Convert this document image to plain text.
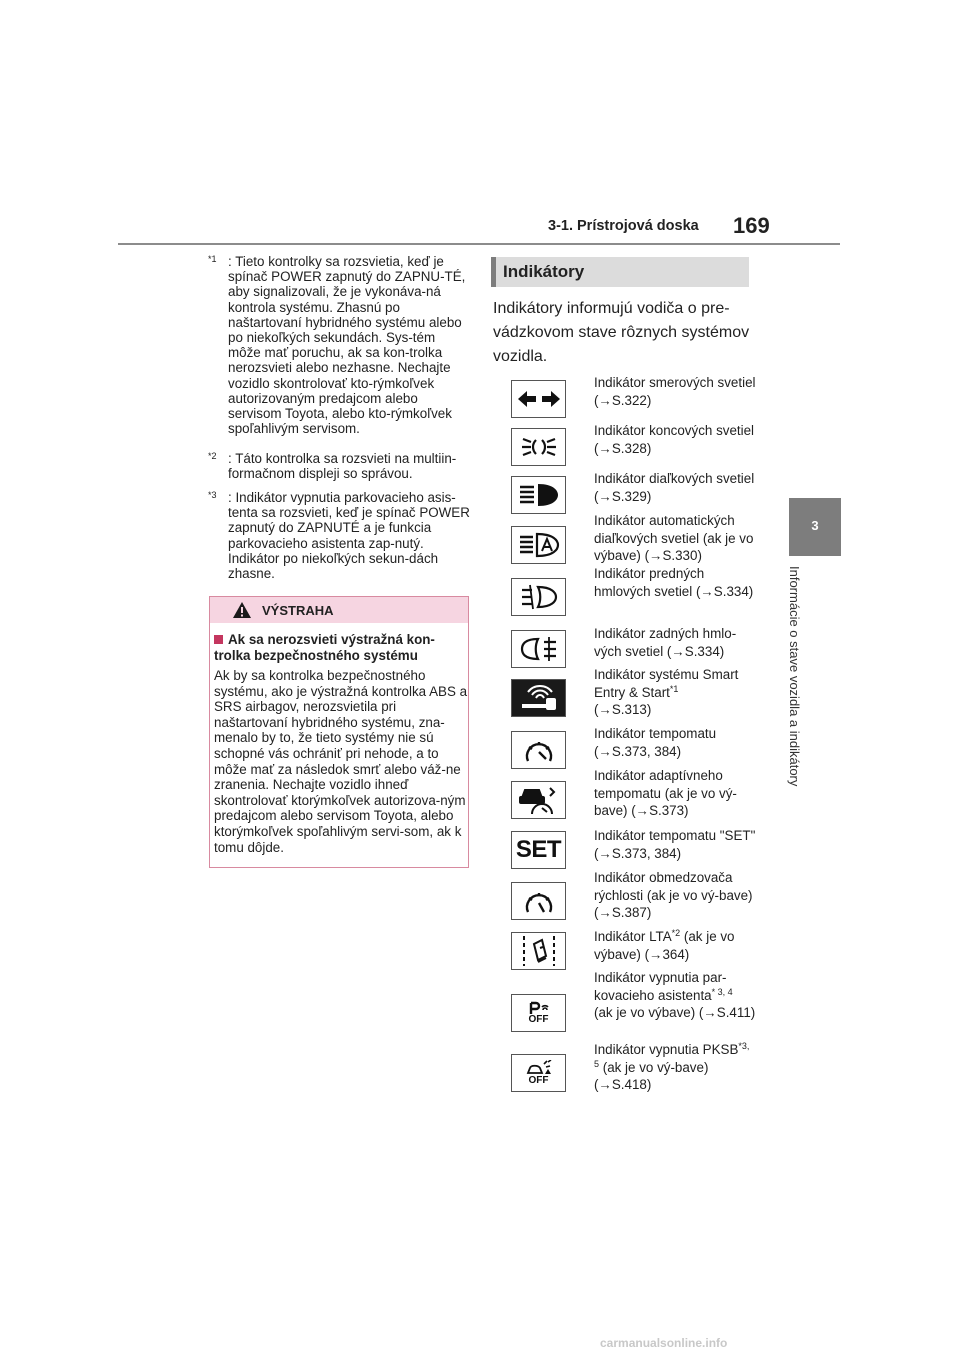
3-1. Prístrojová doska 169
3
Informácie o stave vozidla a indikátory
$^{*1}$ : Tieto kontrolky sa rozsvietia, keď je spínač POWER zapnutý do ZAPNU-TÉ, aby signalizovali, že je vykonáva-ná kontrola systému. Zhasnú po naštartovaní hybridného systému alebo po niekoľkých sekundách. Sys-tém môže mať poruchu, ak sa kon-trolka nerozsvieti alebo nezhasne. Nechajte vozidlo skontrolovať kto-rýmkoľvek autorizovaným predajcom alebo servisom Toyota, alebo kto-rýmkoľvek spoľahlivým servisom.
$^{*2}$ : Táto kontrolka sa rozsvieti na multiin-formačnom displeji so správou.
$^{*3}$ : Indikátor vypnutia parkovacieho asis-tenta sa rozsvieti, keď je spínač POWER zapnutý do ZAPNUTÉ a je funkcia parkovacieho asistenta zap-nutý. Indikátor po niekoľkých sekun-dách zhasne.
VÝSTRAHA
Ak sa nerozsvieti výstražná kon-trolka bezpečnostného systému
Ak by sa kontrolka bezpečnostného systému, ako je výstražná kontrolka ABS a SRS airbagov, nerozsvietila pri naštartovaní hybridného systému, zna-menalo by to, že tieto systémy nie sú schopné vás ochrániť pri nehode, a to môže mať za následok smrť alebo váž-ne zranenia. Nechajte vozidlo ihneď skontrolovať ktorýmkoľvek autorizova-ným predajcom alebo servisom Toyota, alebo ktorýmkoľvek spoľahlivým servi-som, ak k tomu dôjde.
Indikátory
Indikátory informujú vodiča o pre-vádzkovom stave rôznych systémov vozidla.
Indikátor smerových svetiel (→S.322)
Indikátor koncových svetiel (→S.328)
Indikátor diaľkových svetiel (→S.329)
Indikátor automatických diaľkových svetiel (ak je vo výbave) (→S.330)
Indikátor predných hmlových svetiel (→S.334)
Indikátor zadných hmlo-vých svetiel (→S.334)
Indikátor systému Smart Entry & Start$^{*1}$
(→S.313)
Indikátor tempomatu (→S.373, 384)
Indikátor adaptívneho tempomatu (ak je vo vý-bave) (→S.373)
SET
Indikátor tempomatu "SET" (→S.373, 384)
Indikátor obmedzovača rýchlosti (ak je vo vý-bave) (→S.387)
Indikátor LTA$^{*2}$ (ak je vo výbave) (→364)
OFF
Indikátor vypnutia par-kovacieho asistenta$^{* 3, 4}$
(ak je vo výbave) (→S.411)
OFF
Indikátor vypnutia PKSB$^{*3, 5}$ (ak je vo vý-bave) (→S.418)
carmanualsonline.info
